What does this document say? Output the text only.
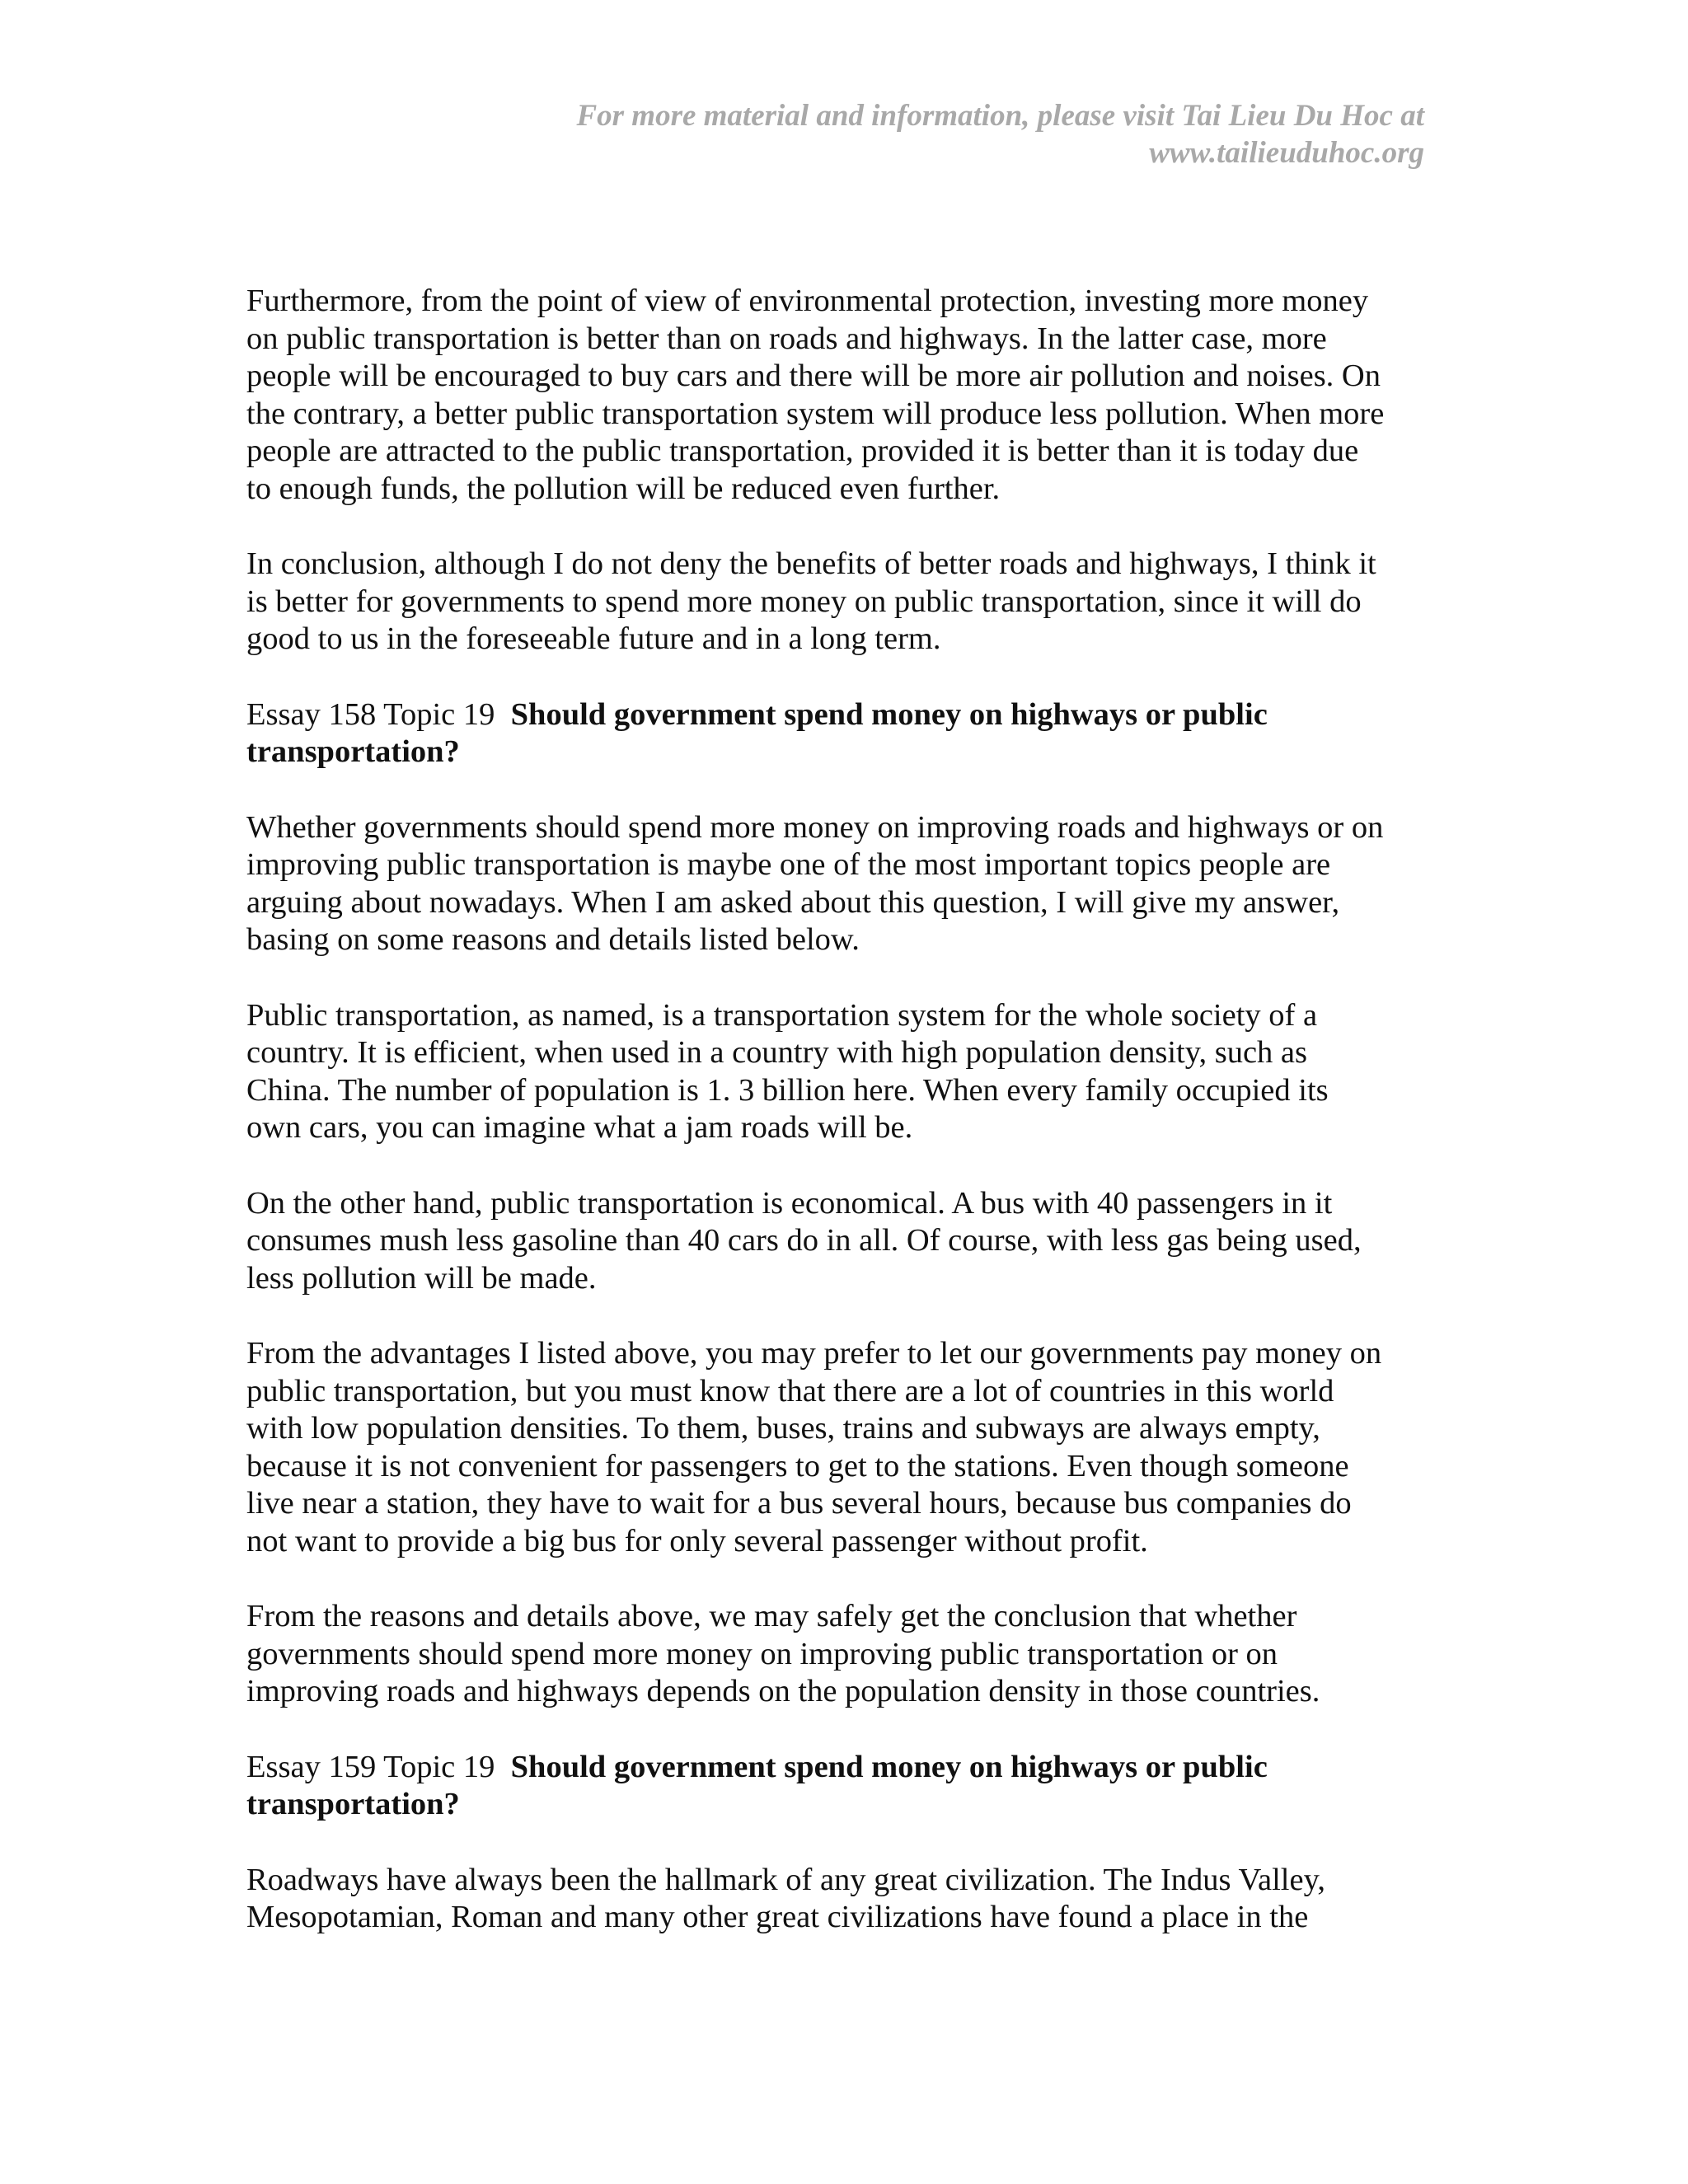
For more material and information, please visit Tai Lieu Du Hoc at
www.tailieuduhoc.org
Furthermore, from the point of view of environmental protection, investing more money
on public transportation is better than on roads and highways. In the latter case, more
people will be encouraged to buy cars and there will be more air pollution and noises. On
the contrary, a better public transportation system will produce less pollution. When more
people are attracted to the public transportation, provided it is better than it is today due
to enough funds, the pollution will be reduced even further.
In conclusion, although I do not deny the benefits of better roads and highways, I think it
is better for governments to spend more money on public transportation, since it will do
good to us in the foreseeable future and in a long term.
Essay 158 Topic 19  Should government spend money on highways or public
transportation?
Whether governments should spend more money on improving roads and highways or on
improving public transportation is maybe one of the most important topics people are
arguing about nowadays. When I am asked about this question, I will give my answer,
basing on some reasons and details listed below.
Public transportation, as named, is a transportation system for the whole society of a
country. It is efficient, when used in a country with high population density, such as
China. The number of population is 1. 3 billion here. When every family occupied its
own cars, you can imagine what a jam roads will be.
On the other hand, public transportation is economical. A bus with 40 passengers in it
consumes mush less gasoline than 40 cars do in all. Of course, with less gas being used,
less pollution will be made.
From the advantages I listed above, you may prefer to let our governments pay money on
public transportation, but you must know that there are a lot of countries in this world
with low population densities. To them, buses, trains and subways are always empty,
because it is not convenient for passengers to get to the stations. Even though someone
live near a station, they have to wait for a bus several hours, because bus companies do
not want to provide a big bus for only several passenger without profit.
From the reasons and details above, we may safely get the conclusion that whether
governments should spend more money on improving public transportation or on
improving roads and highways depends on the population density in those countries.
Essay 159 Topic 19  Should government spend money on highways or public
transportation?
Roadways have always been the hallmark of any great civilization. The Indus Valley,
Mesopotamian, Roman and many other great civilizations have found a place in the
